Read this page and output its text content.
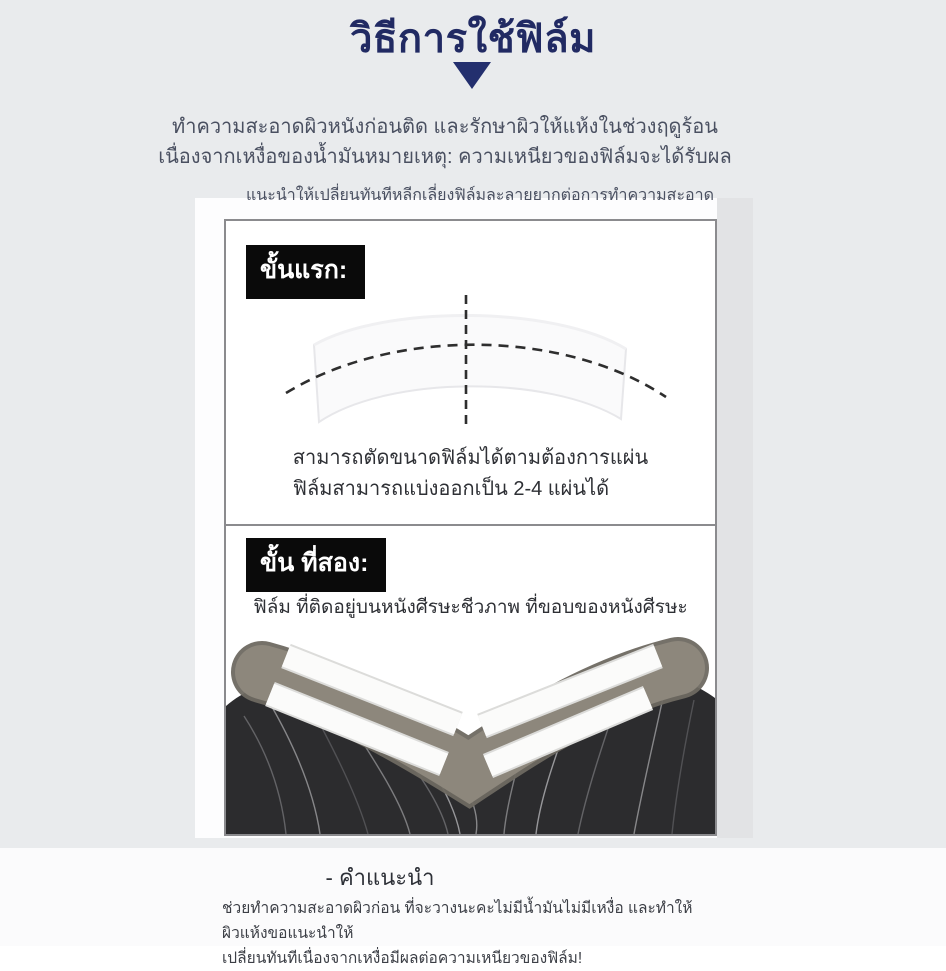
วิธีการใช้ฟิล์ม
ทำความสะอาดผิวหนังก่อนติด และรักษาผิวให้แห้งในช่วงฤดูร้อน
เนื่องจากเหงื่อของน้ำมันหมายเหตุ: ความเหนียวของฟิล์มจะได้รับผล
แนะนำให้เปลี่ยนทันทีหลีกเลี่ยงฟิล์มละลายยากต่อการทำความสะอาด
ขั้นแรก:
สามารถตัดขนาดฟิล์มได้ตามต้องการแผ่น
ฟิล์มสามารถแบ่งออกเป็น 2-4 แผ่นได้
ขั้น ที่สอง:
ฟิล์ม ที่ติดอยู่บนหนังศีรษะชีวภาพ ที่ขอบของหนังศีรษะ
- คำแนะนำ
ช่วยทำความสะอาดผิวก่อน ที่จะวางนะคะไม่มีน้ำมันไม่มีเหงื่อ และทำให้ผิวแห้งขอแนะนำให้
เปลี่ยนทันทีเนื่องจากเหงื่อมีผลต่อความเหนียวของฟิล์ม!
